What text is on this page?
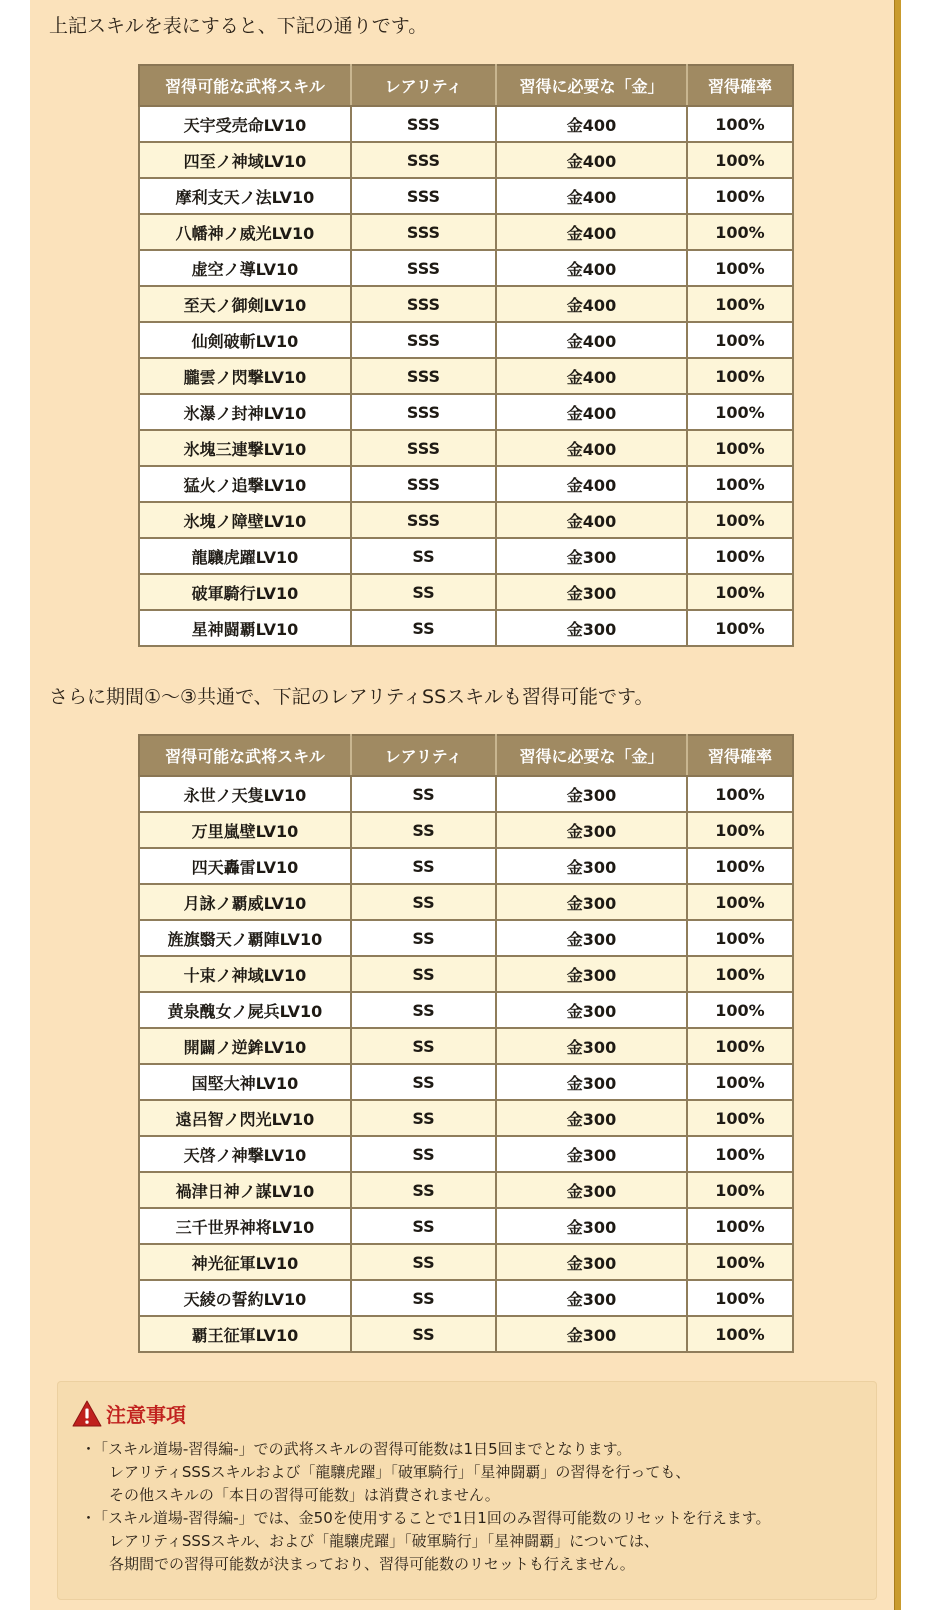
上記スキルを表にすると、下記の通りです。
習得可能な武将スキル	レアリティ	習得に必要な「金」	習得確率
天宇受売命LV10	SSS	金400	100%
四至ノ神域LV10	SSS	金400	100%
摩利支天ノ法LV10	SSS	金400	100%
八幡神ノ威光LV10	SSS	金400	100%
虚空ノ導LV10	SSS	金400	100%
至天ノ御剣LV10	SSS	金400	100%
仙剣破斬LV10	SSS	金400	100%
朧雲ノ閃撃LV10	SSS	金400	100%
氷瀑ノ封神LV10	SSS	金400	100%
氷塊三連撃LV10	SSS	金400	100%
猛火ノ追撃LV10	SSS	金400	100%
氷塊ノ障壁LV10	SSS	金400	100%
龍驤虎躍LV10	SS	金300	100%
破軍騎行LV10	SS	金300	100%
星神闘覇LV10	SS	金300	100%
さらに期間①～③共通で、下記のレアリティSSスキルも習得可能です。
習得可能な武将スキル	レアリティ	習得に必要な「金」	習得確率
永世ノ天隻LV10	SS	金300	100%
万里嵐壁LV10	SS	金300	100%
四天轟雷LV10	SS	金300	100%
月詠ノ覇威LV10	SS	金300	100%
旌旗翳天ノ覇陣LV10	SS	金300	100%
十束ノ神域LV10	SS	金300	100%
黄泉醜女ノ屍兵LV10	SS	金300	100%
開闢ノ逆鉾LV10	SS	金300	100%
国堅大神LV10	SS	金300	100%
遠呂智ノ閃光LV10	SS	金300	100%
天啓ノ神撃LV10	SS	金300	100%
禍津日神ノ謀LV10	SS	金300	100%
三千世界神将LV10	SS	金300	100%
神光征軍LV10	SS	金300	100%
天綾の誓約LV10	SS	金300	100%
覇王征軍LV10	SS	金300	100%
注意事項
・
「スキル道場-習得編-」での武将スキルの習得可能数は1日5回までとなります。
レアリティSSSスキルおよび「龍驤虎躍」「破軍騎行」「星神闘覇」の習得を行っても、
その他スキルの「本日の習得可能数」は消費されません。
・
「スキル道場-習得編-」では、金50を使用することで1日1回のみ習得可能数のリセットを行えます。
レアリティSSSスキル、および「龍驤虎躍」「破軍騎行」「星神闘覇」については、
各期間での習得可能数が決まっており、習得可能数のリセットも行えません。
